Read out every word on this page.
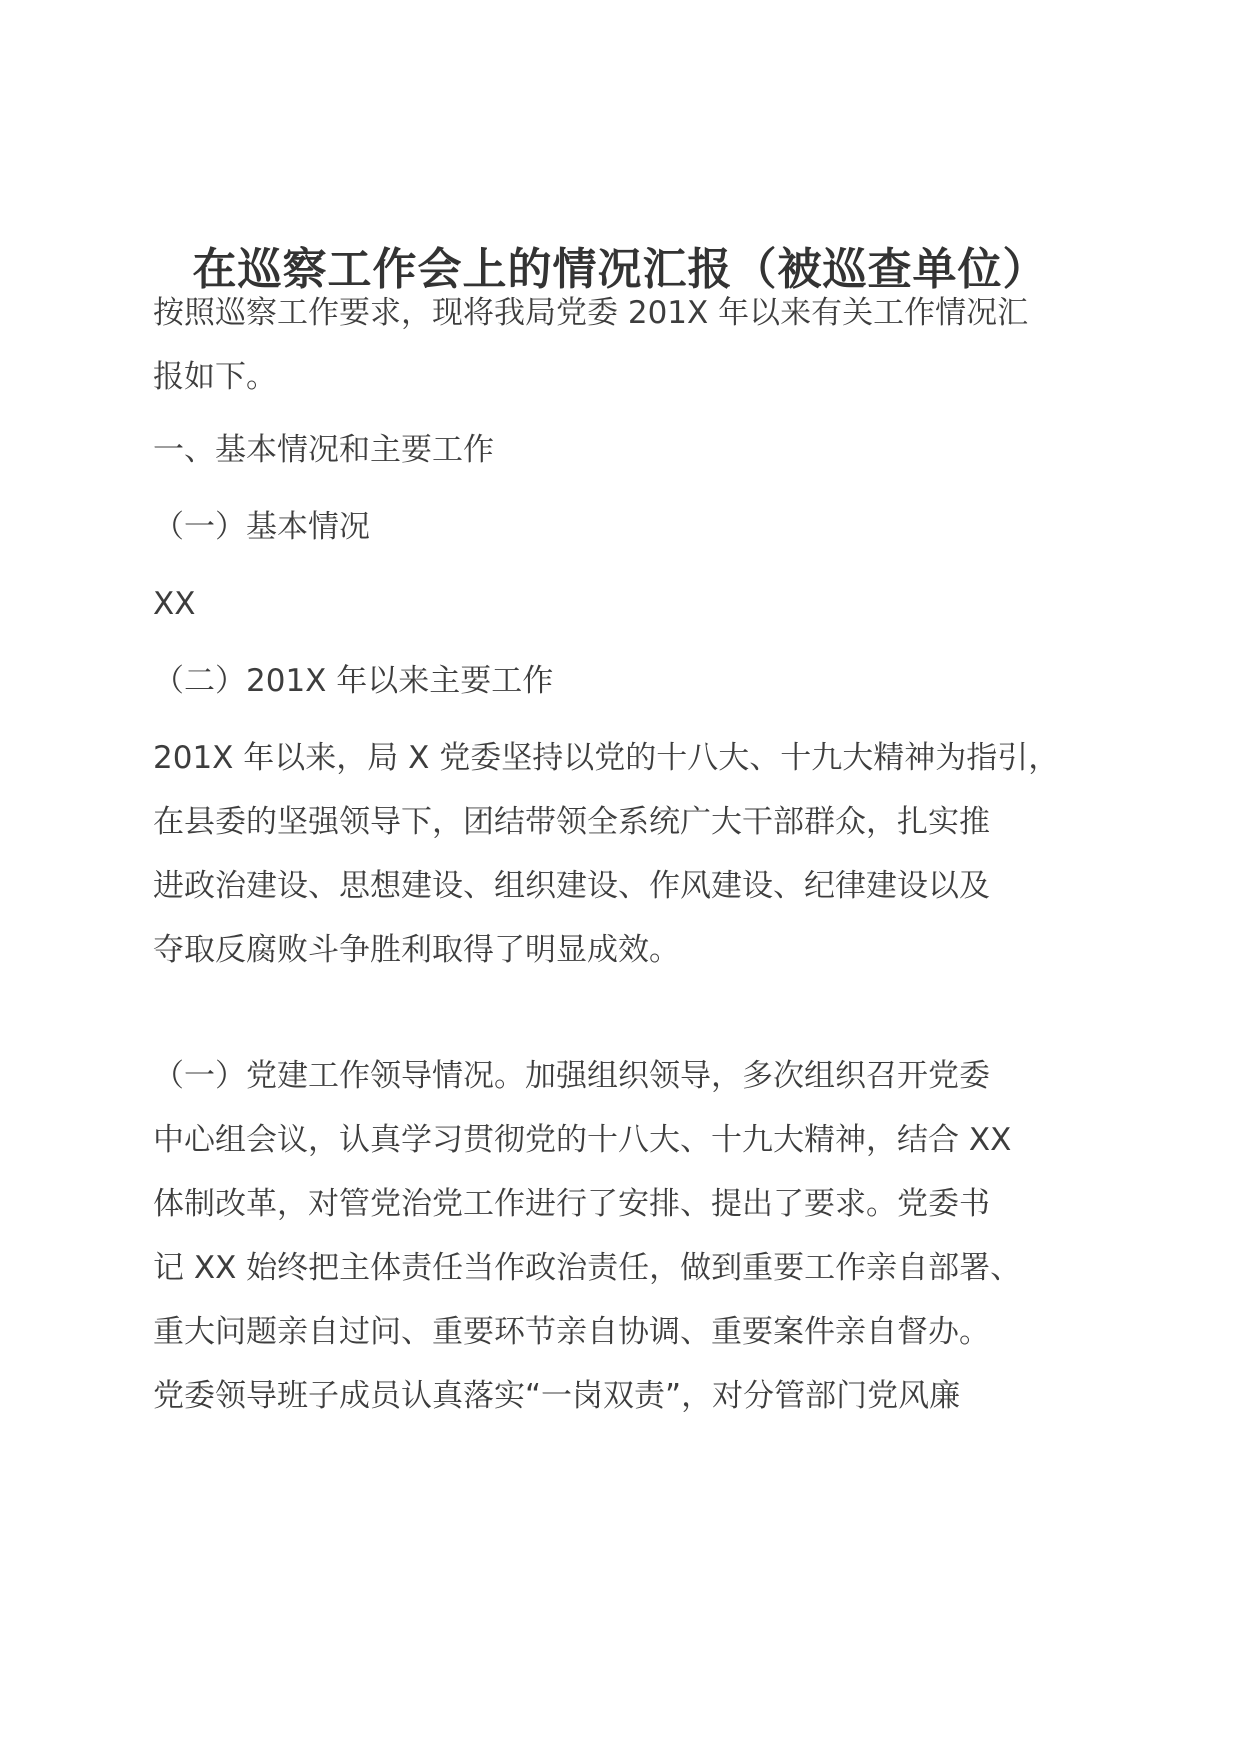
在巡察工作会上的情况汇报（被巡查单位）
按照巡察工作要求，现将我局党委 201X 年以来有关工作情况汇
报如下。
一、基本情况和主要工作
（一）基本情况
XX
（二）201X 年以来主要工作
201X 年以来，局 X 党委坚持以党的十八大、十九大精神为指引，
在县委的坚强领导下，团结带领全系统广大干部群众，扎实推
进政治建设、思想建设、组织建设、作风建设、纪律建设以及
夺取反腐败斗争胜利取得了明显成效。
（一）党建工作领导情况。加强组织领导，多次组织召开党委
中心组会议，认真学习贯彻党的十八大、十九大精神，结合 XX
体制改革，对管党治党工作进行了安排、提出了要求。党委书
记 XX 始终把主体责任当作政治责任，做到重要工作亲自部署、
重大问题亲自过问、重要环节亲自协调、重要案件亲自督办。
党委领导班子成员认真落实“一岗双责”，对分管部门党风廉
